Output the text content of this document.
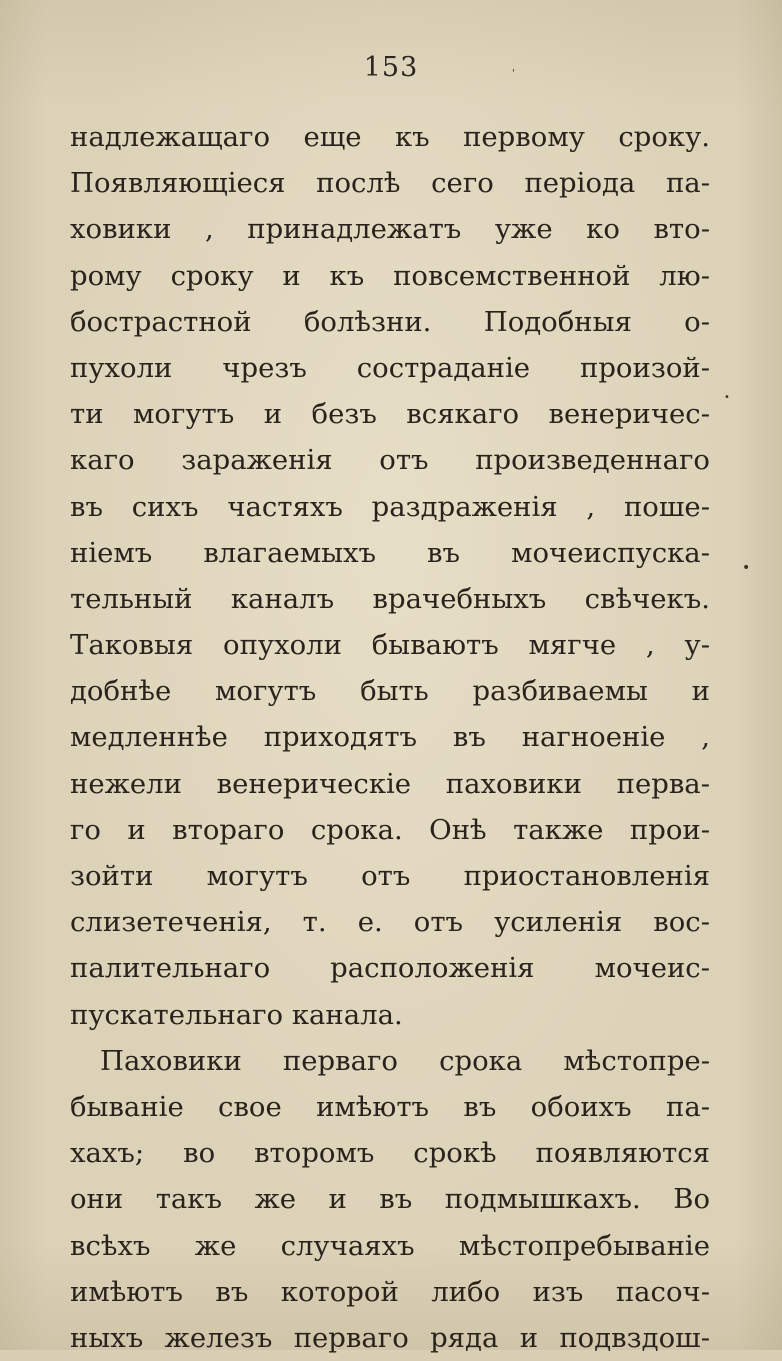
153
надлежащаго еще къ первому сроку.
Появляющіеся послѣ сего періода па-
ховики , принадлежатъ уже ко вто-
рому сроку и къ повсемственной лю-
бострастной болѣзни. Подобныя о-
пухоли чрезъ состраданіе произой-
ти могутъ и безъ всякаго венеричес-
каго зараженія отъ произведеннаго
въ сихъ частяхъ раздраженія , поше-
ніемъ влагаемыхъ въ мочеиспуска-
тельный каналъ врачебныхъ свѣчекъ.
Таковыя опухоли бываютъ мягче , у-
добнѣе могутъ быть разбиваемы и
медленнѣе приходятъ въ нагноеніе ,
нежели венерическіе паховики перва-
го и втораго срока. Онѣ также прои-
зойти могутъ отъ приостановленія
слизетеченія, т. е. отъ усиленія вос-
палительнаго расположенія мочеис-
пускательнаго канала.
Паховики перваго срока мѣстопре-
бываніе свое имѣютъ въ обоихъ па-
хахъ; во второмъ срокѣ появляются
они такъ же и въ подмышкахъ. Во
всѣхъ же случаяхъ мѣстопребываніе
имѣютъ въ которой либо изъ пасоч-
ныхъ железъ перваго ряда и подвздош-
'
•
•
